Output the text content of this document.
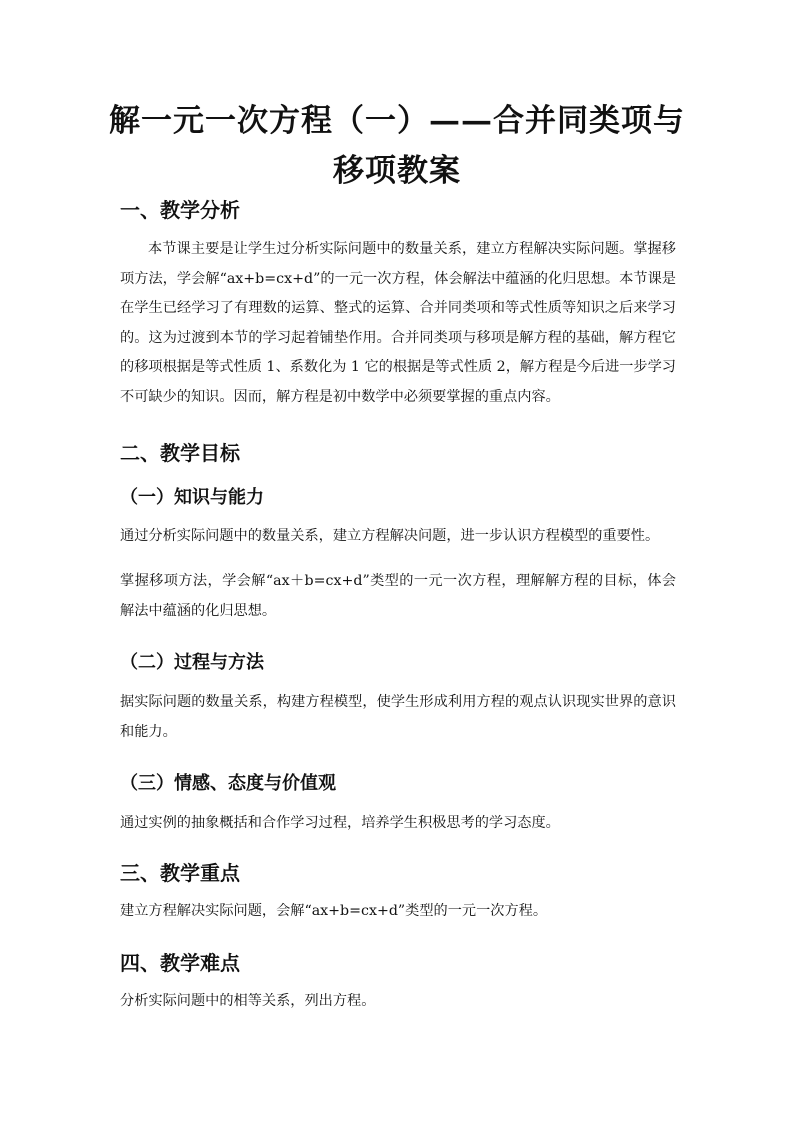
解一元一次方程（一）——合并同类项与移项教案
一、教学分析
本节课主要是让学生过分析实际问题中的数量关系，建立方程解决实际问题。掌握移项方法，学会解“ax+b=cx+d”的一元一次方程，体会解法中蕴涵的化归思想。本节课是在学生已经学习了有理数的运算、整式的运算、合并同类项和等式性质等知识之后来学习的。这为过渡到本节的学习起着铺垫作用。合并同类项与移项是解方程的基础，解方程它的移项根据是等式性质 1、系数化为 1 它的根据是等式性质 2，解方程是今后进一步学习不可缺少的知识。因而，解方程是初中数学中必须要掌握的重点内容。
二、教学目标
（一）知识与能力
通过分析实际问题中的数量关系，建立方程解决问题，进一步认识方程模型的重要性。
掌握移项方法，学会解“ax＋b=cx+d”类型的一元一次方程，理解解方程的目标，体会解法中蕴涵的化归思想。
（二）过程与方法
据实际问题的数量关系，构建方程模型，使学生形成利用方程的观点认识现实世界的意识和能力。
（三）情感、态度与价值观
通过实例的抽象概括和合作学习过程，培养学生积极思考的学习态度。
三、教学重点
建立方程解决实际问题，会解“ax+b=cx+d”类型的一元一次方程。
四、教学难点
分析实际问题中的相等关系，列出方程。
